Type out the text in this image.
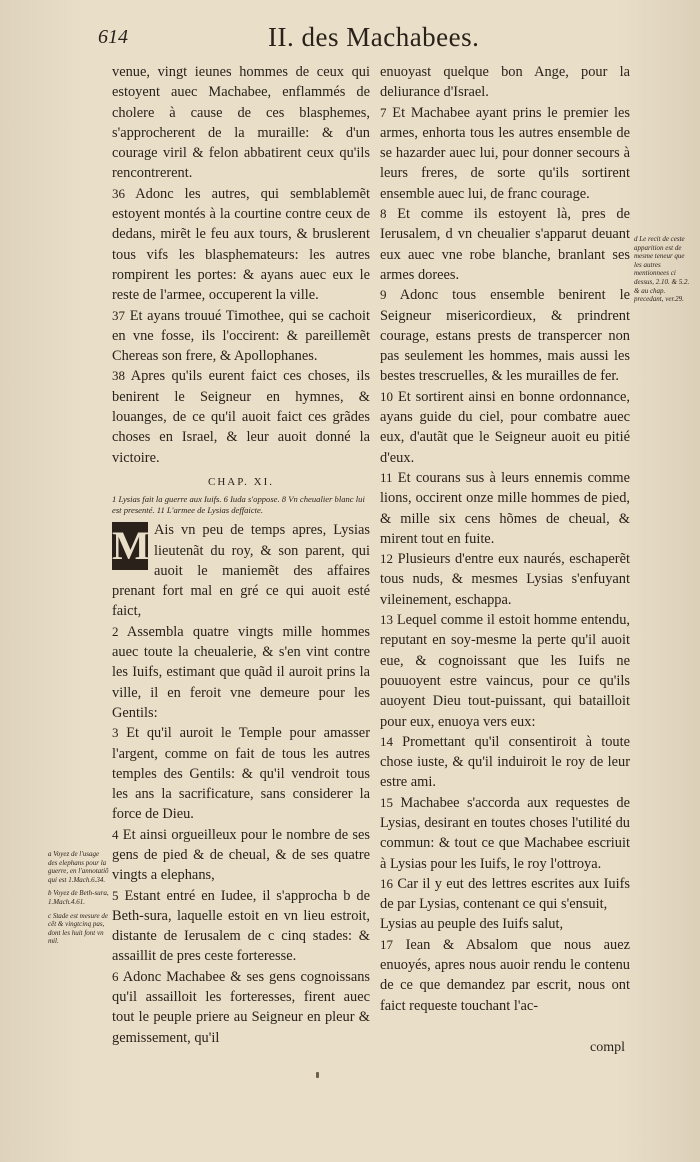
614	II. des Machabees.

venue, vingt ieunes hommes de ceux qui estoyent auec Machabee, enflammés de cholere à cause de ces blasphemes, s'approcherent de la muraille: & d'un courage viril & felon abbatirent ceux qu'ils rencontrerent.

36 Adonc les autres, qui semblablemẽt estoyent montés à la courtine contre ceux de dedans, mirẽt le feu aux tours, & bruslerent tous vifs les blasphemateurs: les autres rompirent les portes: & ayans auec eux le reste de l'armee, occuperent la ville.

37 Et ayans trouué Timothee, qui se cachoit en vne fosse, ils l'occirent: & pareillemẽt Chereas son frere, & Apollophanes.

38 Apres qu'ils eurent faict ces choses, ils benirent le Seigneur en hymnes, & louanges, de ce qu'il auoit faict ces grãdes choses en Israel, & leur auoit donné la victoire.

CHAP. XI.
1 Lysias fait la guerre aux Iuifs. 6 Iuda s'oppose. 8 Vn cheualier blanc lui est presenté. 11 L'armee de Lysias deffaicte.

M Ais vn peu de temps apres, Lysias lieutenãt du roy, & son parent, qui auoit le maniemẽt des affaires prenant fort mal en gré ce qui auoit esté faict,

2 Assembla quatre vingts mille hommes auec toute la cheualerie, & s'en vint contre les Iuifs, estimant que quãd il auroit prins la ville, il en feroit vne demeure pour les Gentils:

3 Et qu'il auroit le Temple pour amasser l'argent, comme on fait de tous les autres temples des Gentils: & qu'il vendroit tous les ans la sacrificature, sans considerer la force de Dieu.

4 Et ainsi orgueilleux pour le nombre de ses gens de pied & de cheual, & de ses quatre vingts a elephans,

5 Estant entré en Iudee, il s'approcha b de Beth-sura, laquelle estoit en vn lieu estroit, distante de Ierusalem de c cinq stades: & assaillit de pres ceste forteresse.

6 Adonc Machabee & ses gens cognoissans qu'il assailloit les forteresses, firent auec tout le peuple priere au Seigneur en pleur & gemissement, qu'il

enuoyast quelque bon Ange, pour la deliurance d'Israel.

7 Et Machabee ayant prins le premier les armes, enhorta tous les autres ensemble de se hazarder auec lui, pour donner secours à leurs freres, de sorte qu'ils sortirent ensemble auec lui, de franc courage.

8 Et comme ils estoyent là, pres de Ierusalem, d vn cheualier s'apparut deuant eux auec vne robe blanche, branlant ses armes dorees.

9 Adonc tous ensemble benirent le Seigneur misericordieux, & prindrent courage, estans prests de transpercer non pas seulement les hommes, mais aussi les bestes trescruelles, & les murailles de fer.

10 Et sortirent ainsi en bonne ordonnance, ayans guide du ciel, pour combatre auec eux, d'autãt que le Seigneur auoit eu pitié d'eux.

11 Et courans sus à leurs ennemis comme lions, occirent onze mille hommes de pied, & mille six cens hõmes de cheual, & mirent tout en fuite.

12 Plusieurs d'entre eux naurés, eschaperẽt tous nuds, & mesmes Lysias s'enfuyant vileinement, eschappa.

13 Lequel comme il estoit homme entendu, reputant en soy-mesme la perte qu'il auoit eue, & cognoissant que les Iuifs ne pouuoyent estre vaincus, pour ce qu'ils auoyent Dieu tout-puissant, qui batailloit pour eux, enuoya vers eux:

14 Promettant qu'il consentiroit à toute chose iuste, & qu'il induiroit le roy de leur estre ami.

15 Machabee s'accorda aux requestes de Lysias, desirant en toutes choses l'utilité du commun: & tout ce que Machabee escriuit à Lysias pour les Iuifs, le roy l'ottroya.

16 Car il y eut des lettres escrites aux Iuifs de par Lysias, contenant ce qui s'ensuit,

Lysias au peuple des Iuifs salut,

17 Iean & Absalom que nous auez enuoyés, apres nous auoir rendu le contenu de ce que demandez par escrit, nous ont faict requeste touchant l'ac-

a Voyez de l'usage des elephans pour la guerre, en l'annotatiõ qui est 1.Mach.6.34.
b Voyez de Beth-sura, 1.Mach.4.61.
c Stade est mesure de cẽt & vingtcinq pas, dont les huit font vn mil.
d Le recit de ceste apparition est de mesme teneur que les autres mentionnees ci dessus, 2.10. & 5.2. & au chap. precedant, ver.29.
compl
